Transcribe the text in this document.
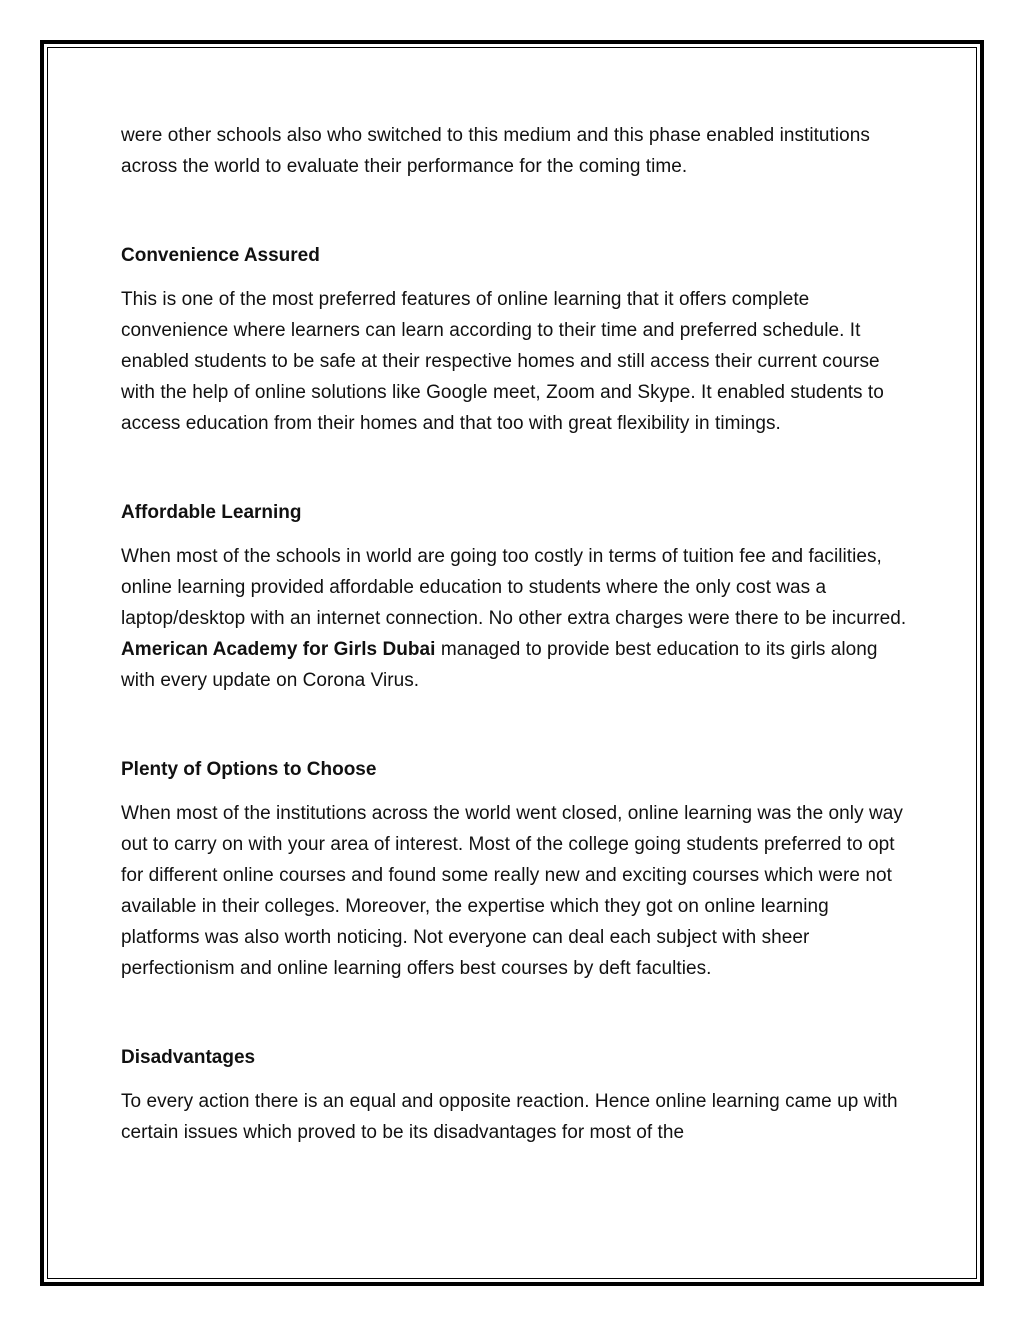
were other schools also who switched to this medium and this phase enabled institutions across the world to evaluate their performance for the coming time.

Convenience Assured

This is one of the most preferred features of online learning that it offers complete convenience where learners can learn according to their time and preferred schedule. It enabled students to be safe at their respective homes and still access their current course with the help of online solutions like Google meet, Zoom and Skype. It enabled students to access education from their homes and that too with great flexibility in timings.

Affordable Learning

When most of the schools in world are going too costly in terms of tuition fee and facilities, online learning provided affordable education to students where the only cost was a laptop/desktop with an internet connection. No other extra charges were there to be incurred. American Academy for Girls Dubai managed to provide best education to its girls along with every update on Corona Virus.

Plenty of Options to Choose

When most of the institutions across the world went closed, online learning was the only way out to carry on with your area of interest. Most of the college going students preferred to opt for different online courses and found some really new and exciting courses which were not available in their colleges. Moreover, the expertise which they got on online learning platforms was also worth noticing. Not everyone can deal each subject with sheer perfectionism and online learning offers best courses by deft faculties.

Disadvantages

To every action there is an equal and opposite reaction. Hence online learning came up with certain issues which proved to be its disadvantages for most of the
